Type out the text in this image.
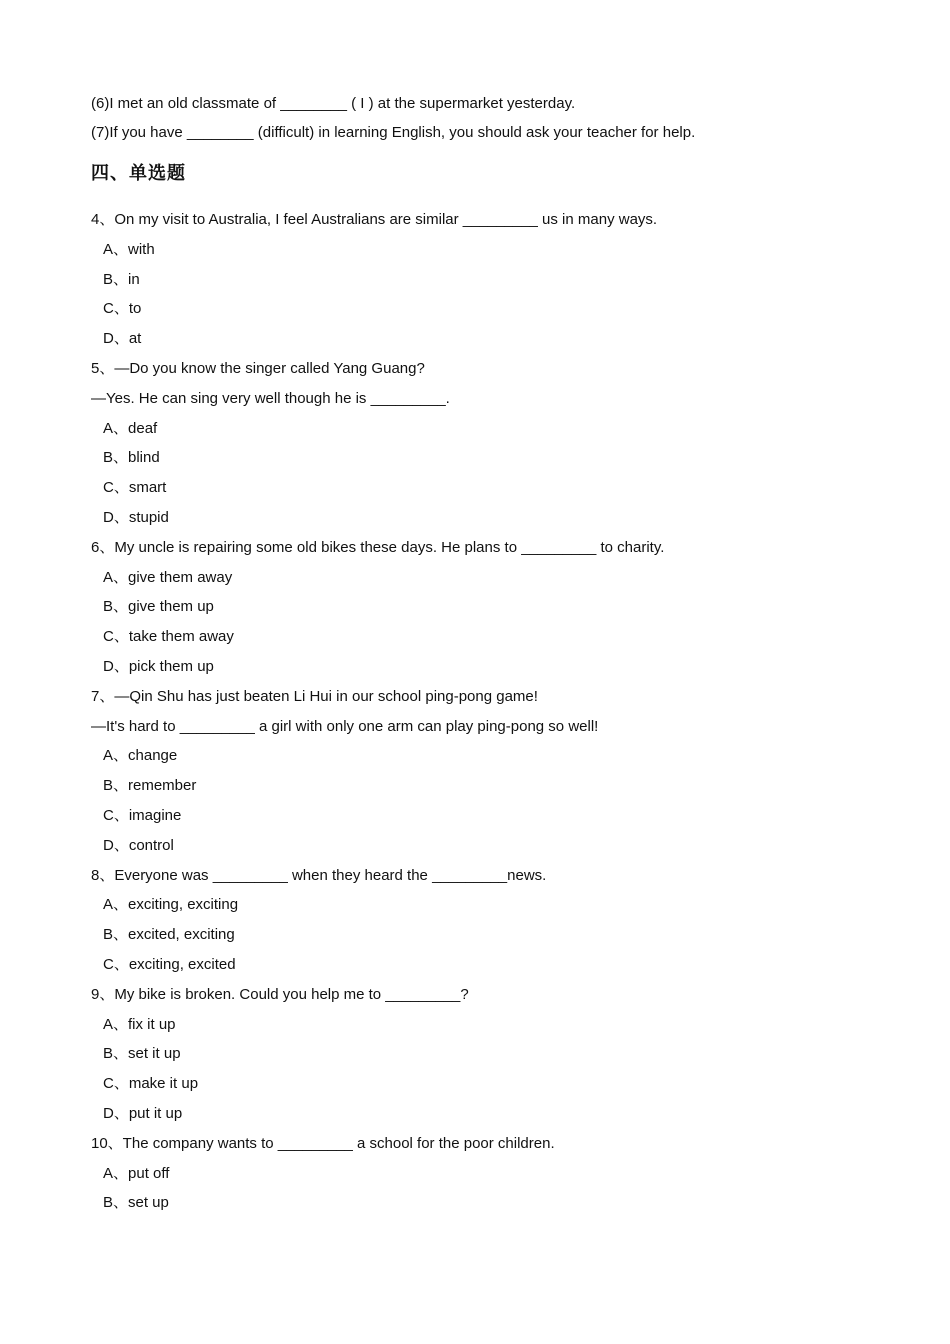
(6)I met an old classmate of ________ ( I ) at the supermarket yesterday.
(7)If you have ________ (difficult) in learning English, you should ask your teacher for help.
四、单选题
4、On my visit to Australia, I feel Australians are similar _________ us in many ways.
A、with
B、in
C、to
D、at
5、—Do you know the singer called Yang Guang?
—Yes. He can sing very well though he is _________.
A、deaf
B、blind
C、smart
D、stupid
6、My uncle is repairing some old bikes these days. He plans to _________ to charity.
A、give them away
B、give them up
C、take them away
D、pick them up
7、—Qin Shu has just beaten Li Hui in our school ping-pong game!
—It's hard to _________ a girl with only one arm can play ping-pong so well!
A、change
B、remember
C、imagine
D、control
8、Everyone was _________ when they heard the _________news.
A、exciting, exciting
B、excited, exciting
C、exciting, excited
9、My bike is broken. Could you help me to _________?
A、fix it up
B、set it up
C、make it up
D、put it up
10、The company wants to _________ a school for the poor children.
A、put off
B、set up
